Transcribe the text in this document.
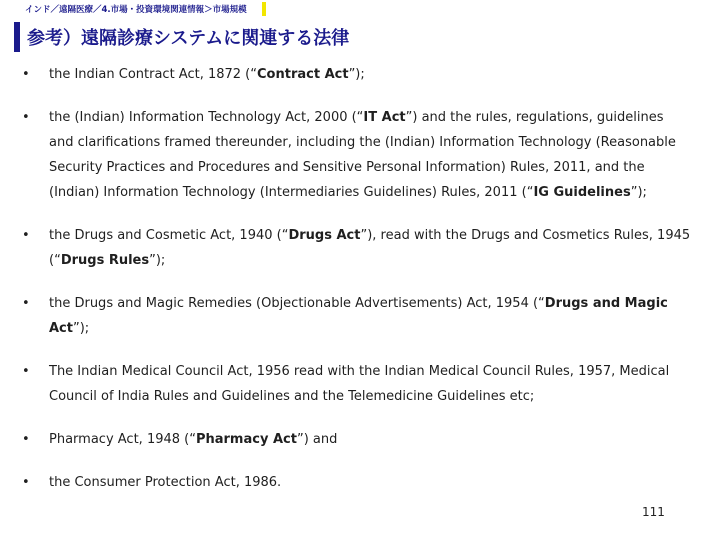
インド／遠隔医療／4.市場・投資環境関連情報＞市場規模
参考）遠隔診療システムに関連する法律
• the Indian Contract Act, 1872 (“Contract Act”);
• the (Indian) Information Technology Act, 2000 (“IT Act”) and the rules, regulations, guidelines and clarifications framed thereunder, including the (Indian) Information Technology (Reasonable Security Practices and Procedures and Sensitive Personal Information) Rules, 2011, and the (Indian) Information Technology (Intermediaries Guidelines) Rules, 2011 (“IG Guidelines”);
• the Drugs and Cosmetic Act, 1940 (“Drugs Act”), read with the Drugs and Cosmetics Rules, 1945 (“Drugs Rules”);
• the Drugs and Magic Remedies (Objectionable Advertisements) Act, 1954 (“Drugs and Magic Act”);
• The Indian Medical Council Act, 1956 read with the Indian Medical Council Rules, 1957, Medical Council of India Rules and Guidelines and the Telemedicine Guidelines etc;
• Pharmacy Act, 1948 (“Pharmacy Act”) and
• the Consumer Protection Act, 1986.
111
